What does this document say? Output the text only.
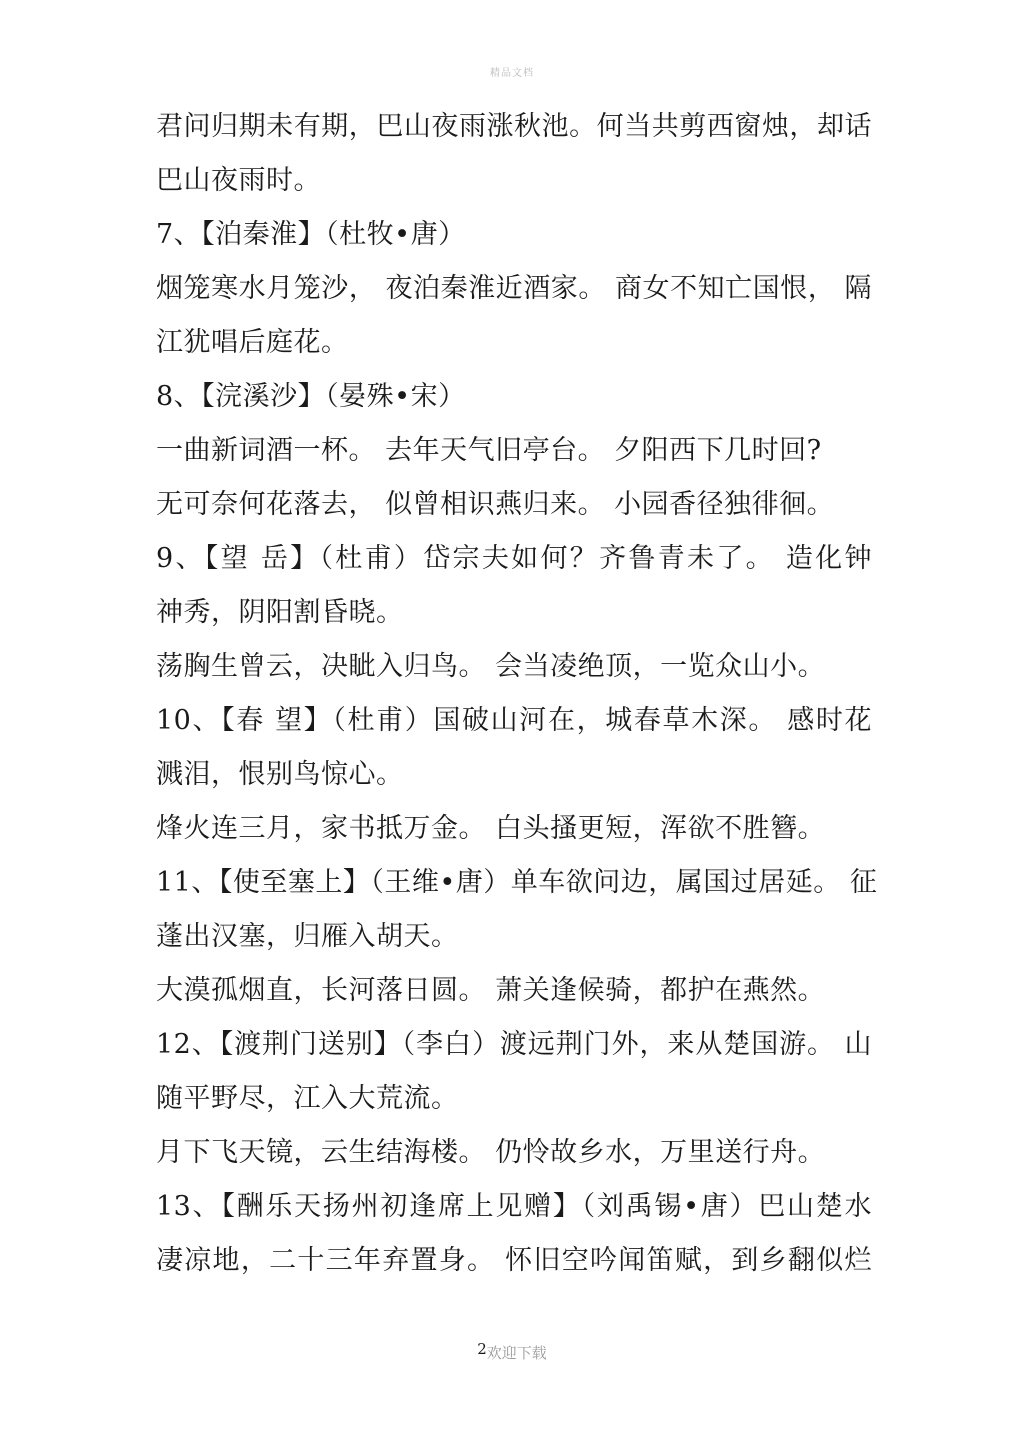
精品文档
君问归期未有期，巴山夜雨涨秋池。何当共剪西窗烛，却话
巴山夜雨时。
7、【泊秦淮】（杜牧•唐）
烟笼寒水月笼沙， 夜泊秦淮近酒家。 商女不知亡国恨， 隔
江犹唱后庭花。
8、【浣溪沙】（晏殊•宋）
一曲新词酒一杯。 去年天气旧亭台。 夕阳西下几时回?
无可奈何花落去， 似曾相识燕归来。 小园香径独徘徊。
9、【望 岳】（杜甫）岱宗夫如何？齐鲁青未了。 造化钟
神秀，阴阳割昏晓。
荡胸生曾云，决眦入归鸟。 会当凌绝顶，一览众山小。
10、【春 望】（杜甫）国破山河在，城春草木深。 感时花
溅泪，恨别鸟惊心。
烽火连三月，家书抵万金。 白头搔更短，浑欲不胜簪。
11、【使至塞上】（王维•唐）单车欲问边，属国过居延。 征
蓬出汉塞，归雁入胡天。
大漠孤烟直，长河落日圆。 萧关逢候骑，都护在燕然。
12、【渡荆门送别】（李白）渡远荆门外，来从楚国游。 山
随平野尽，江入大荒流。
月下飞天镜，云生结海楼。 仍怜故乡水，万里送行舟。
13、【酬乐天扬州初逢席上见赠】（刘禹锡•唐）巴山楚水
凄凉地，二十三年弃置身。 怀旧空吟闻笛赋，到乡翻似烂
2欢迎下载
